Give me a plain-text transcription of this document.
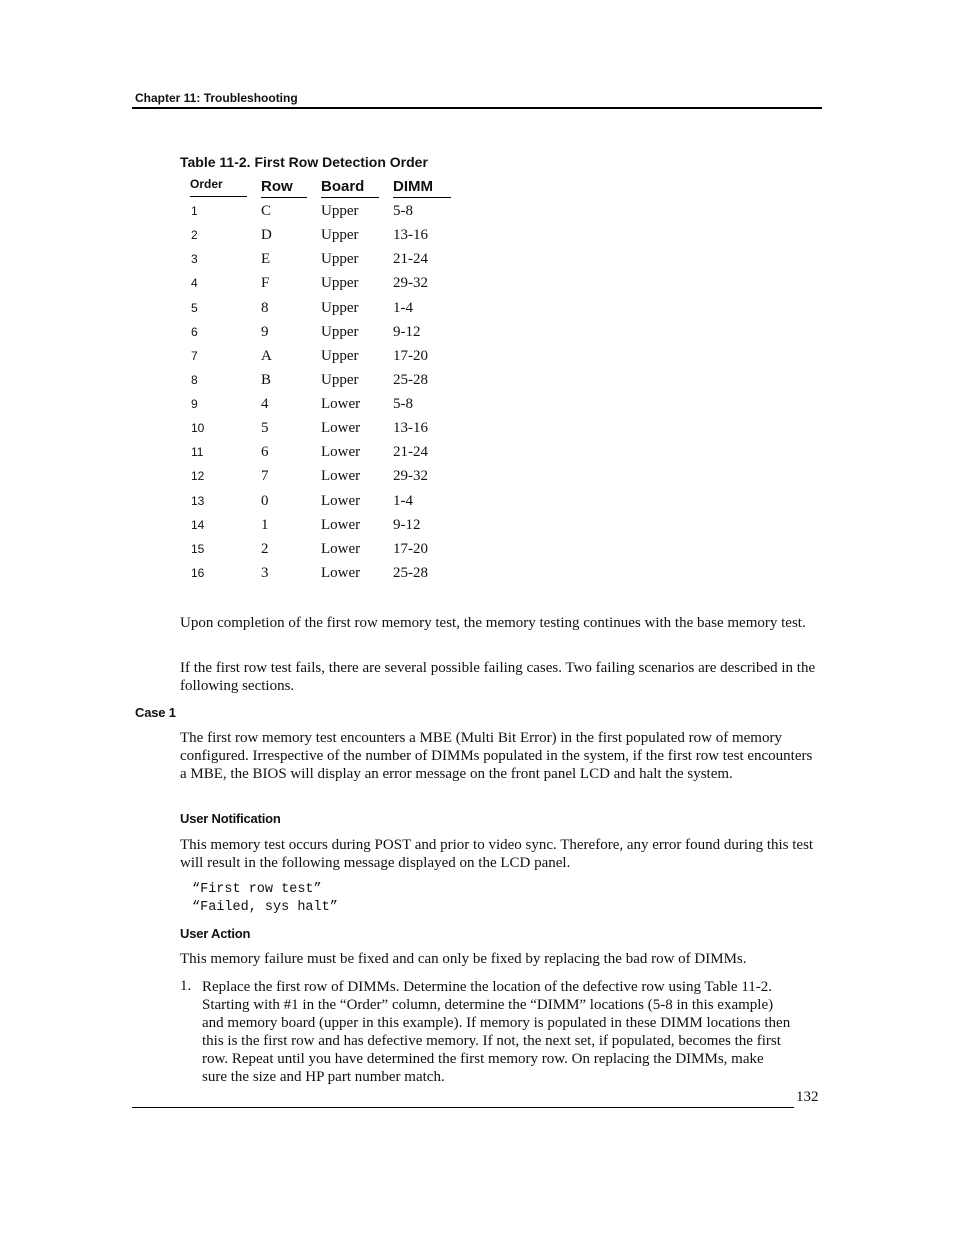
Chapter 11: Troubleshooting
Table 11-2. First Row Detection Order
Order	Row	Board	DIMM
1	C	Upper 5-8
2	D	Upper 13-16
3	E	Upper 21-24
4	F	Upper 29-32
5	8	Upper 1-4
6	9	Upper 9-12
7	A	Upper 17-20
8	B	Upper 25-28
9	4	Lower 5-8
10	5	Lower 13-16
11	6	Lower 21-24
12	7	Lower 29-32
13	0	Lower 1-4
14	1	Lower 9-12
15	2	Lower 17-20
16	3	Lower 25-28

Upon completion of the first row memory test, the memory testing continues with the base memory test.

If the first row test fails, there are several possible failing cases. Two failing scenarios are described in the following sections.

Case 1

The first row memory test encounters a MBE (Multi Bit Error) in the first populated row of memory configured. Irrespective of the number of DIMMs populated in the system, if the first row test encounters a MBE, the BIOS will display an error message on the front panel LCD and halt the system.

User Notification

This memory test occurs during POST and prior to video sync. Therefore, any error found during this test will result in the following message displayed on the LCD panel.

“First row test”
“Failed, sys halt”
User Action

This memory failure must be fixed and can only be fixed by replacing the bad row of DIMMs.

1. Replace the first row of DIMMs. Determine the location of the defective row using Table 11-2. Starting with #1 in the “Order” column, determine the “DIMM” locations (5-8 in this example) and memory board (upper in this example). If memory is populated in these DIMM locations then this is the first row and has defective memory. If not, the next set, if populated, becomes the first row. Repeat until you have determined the first memory row. On replacing the DIMMs, make sure the size and HP part number match.

132
